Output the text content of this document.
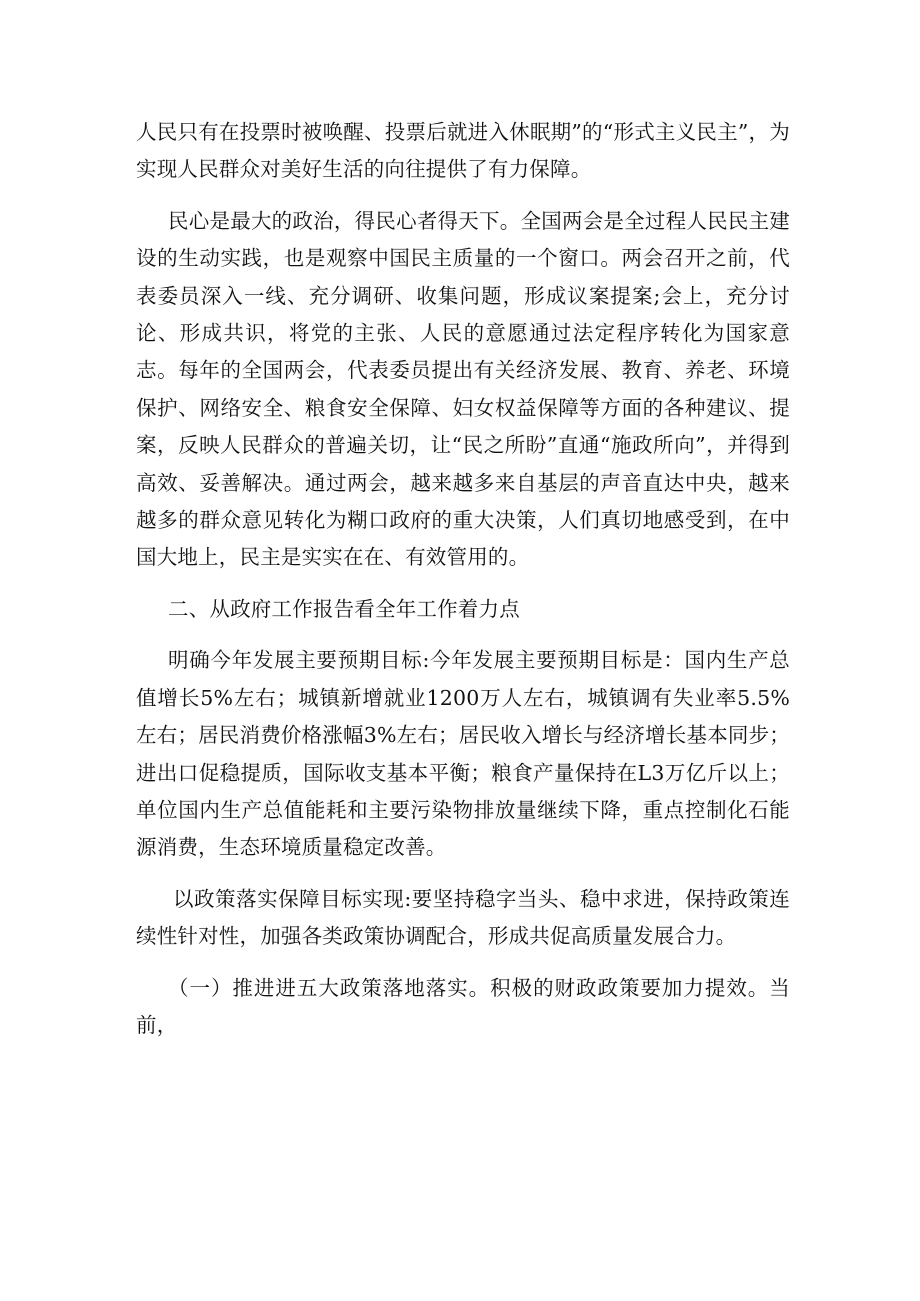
人民只有在投票时被唤醒、投票后就进入休眠期”的“形式主义民主”，为实现人民群众对美好生活的向往提供了有力保障。

民心是最大的政治，得民心者得天下。全国两会是全过程人民民主建设的生动实践，也是观察中国民主质量的一个窗口。两会召开之前，代表委员深入一线、充分调研、收集问题，形成议案提案;会上，充分讨论、形成共识，将党的主张、人民的意愿通过法定程序转化为国家意志。每年的全国两会，代表委员提出有关经济发展、教育、养老、环境保护、网络安全、粮食安全保障、妇女权益保障等方面的各种建议、提案，反映人民群众的普遍关切，让“民之所盼”直通“施政所向”，并得到高效、妥善解决。通过两会，越来越多来自基层的声音直达中央，越来越多的群众意见转化为糊口政府的重大决策，人们真切地感受到，在中国大地上，民主是实实在在、有效管用的。

二、从政府工作报告看全年工作着力点

明确今年发展主要预期目标:今年发展主要预期目标是：国内生产总值增长5%左右；城镇新增就业1200万人左右，城镇调有失业率5.5%左右；居民消费价格涨幅3%左右；居民收入增长与经济增长基本同步；进出口促稳提质，国际收支基本平衡；粮食产量保持在L3万亿斤以上；单位国内生产总值能耗和主要污染物排放量继续下降，重点控制化石能源消费，生态环境质量稳定改善。

以政策落实保障目标实现:要坚持稳字当头、稳中求进，保持政策连续性针对性，加强各类政策协调配合，形成共促高质量发展合力。

（一）推进进五大政策落地落实。积极的财政政策要加力提效。当前，
